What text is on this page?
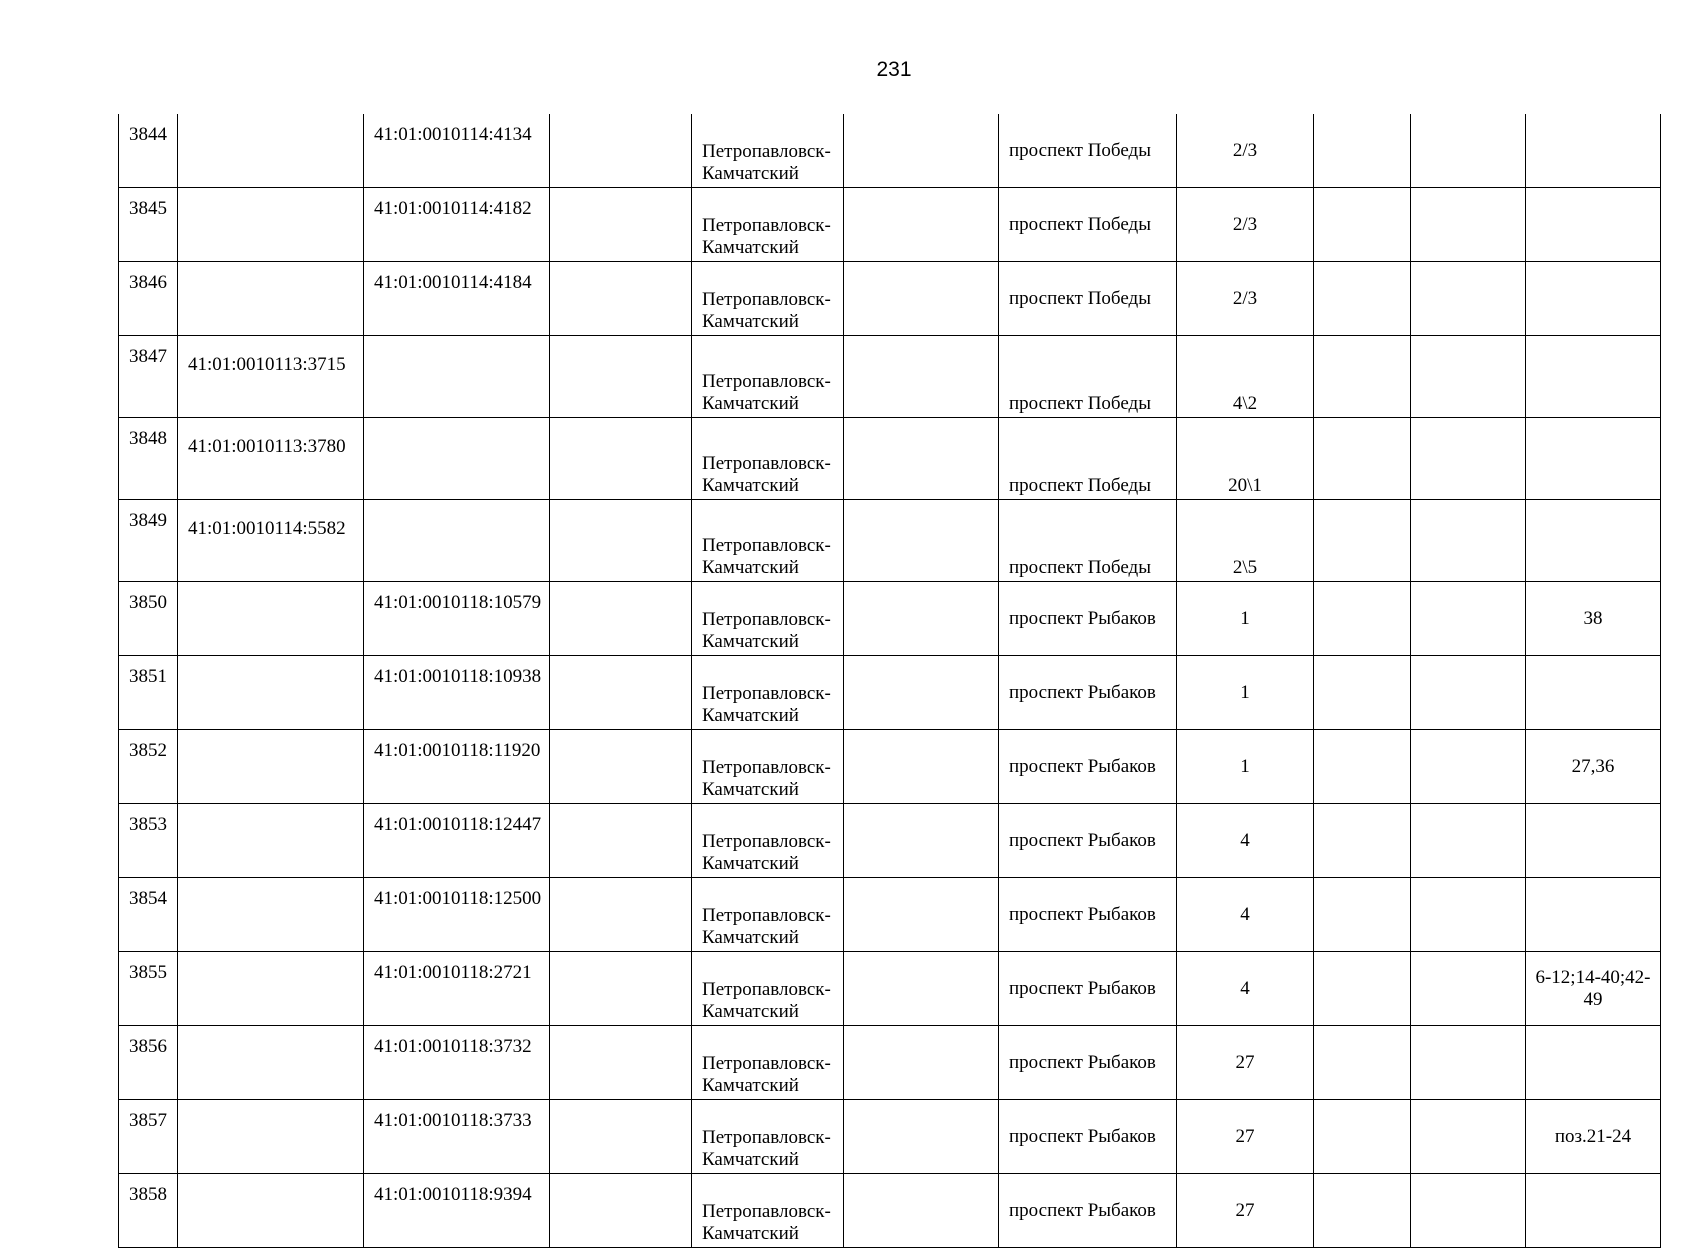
231
3844		41:01:0010114:4134		Петропавловск-Камчатский		проспект Победы	2/3			
3845		41:01:0010114:4182		Петропавловск-Камчатский		проспект Победы	2/3			
3846		41:01:0010114:4184		Петропавловск-Камчатский		проспект Победы	2/3			
3847	41:01:0010113:3715			Петропавловск-Камчатский		проспект Победы	4\2			
3848	41:01:0010113:3780			Петропавловск-Камчатский		проспект Победы	20\1			
3849	41:01:0010114:5582			Петропавловск-Камчатский		проспект Победы	2\5			
3850		41:01:0010118:10579		Петропавловск-Камчатский		проспект Рыбаков	1			38
3851		41:01:0010118:10938		Петропавловск-Камчатский		проспект Рыбаков	1			
3852		41:01:0010118:11920		Петропавловск-Камчатский		проспект Рыбаков	1			27,36
3853		41:01:0010118:12447		Петропавловск-Камчатский		проспект Рыбаков	4			
3854		41:01:0010118:12500		Петропавловск-Камчатский		проспект Рыбаков	4			
3855		41:01:0010118:2721		Петропавловск-Камчатский		проспект Рыбаков	4			6-12;14-40;42-49
3856		41:01:0010118:3732		Петропавловск-Камчатский		проспект Рыбаков	27			
3857		41:01:0010118:3733		Петропавловск-Камчатский		проспект Рыбаков	27			поз.21-24
3858		41:01:0010118:9394		Петропавловск-Камчатский		проспект Рыбаков	27			
